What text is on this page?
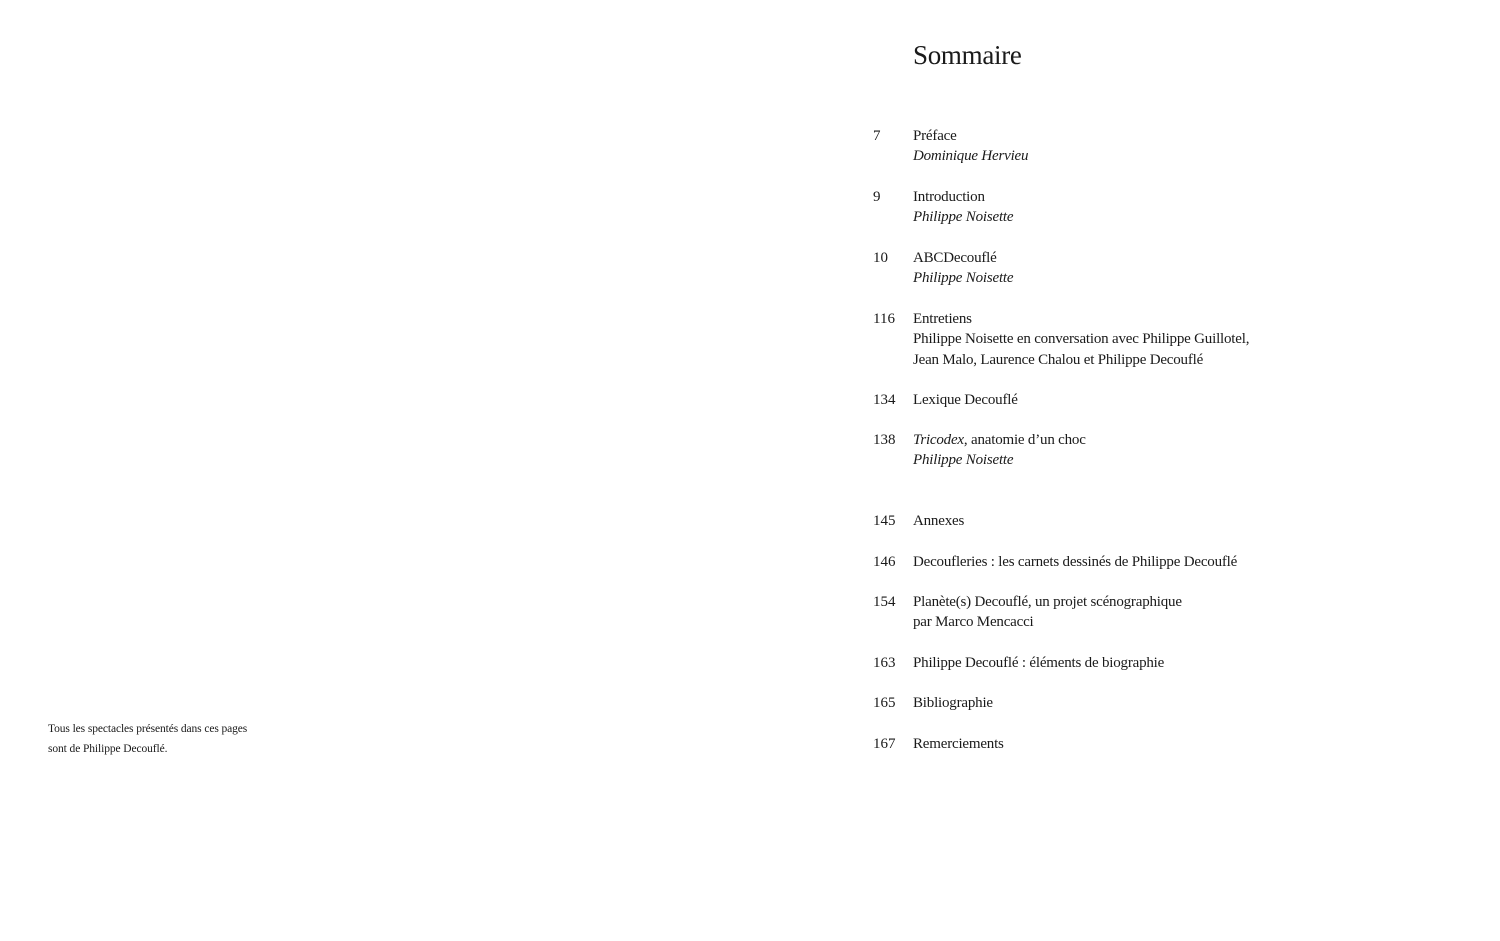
Tous les spectacles présentés dans ces pages
sont de Philippe Decouflé.
Sommaire
7	Préface
Dominique Hervieu
9	Introduction
Philippe Noisette
10	ABCDecouflé
Philippe Noisette
116	Entretiens
Philippe Noisette en conversation avec Philippe Guillotel,
Jean Malo, Laurence Chalou et Philippe Decouflé
134	Lexique Decouflé
138	Tricodex, anatomie d’un choc
Philippe Noisette
145	Annexes
146	Decoufleries : les carnets dessinés de Philippe Decouflé
154	Planète(s) Decouflé, un projet scénographique
par Marco Mencacci
163	Philippe Decouflé : éléments de biographie
165	Bibliographie
167	Remerciements
